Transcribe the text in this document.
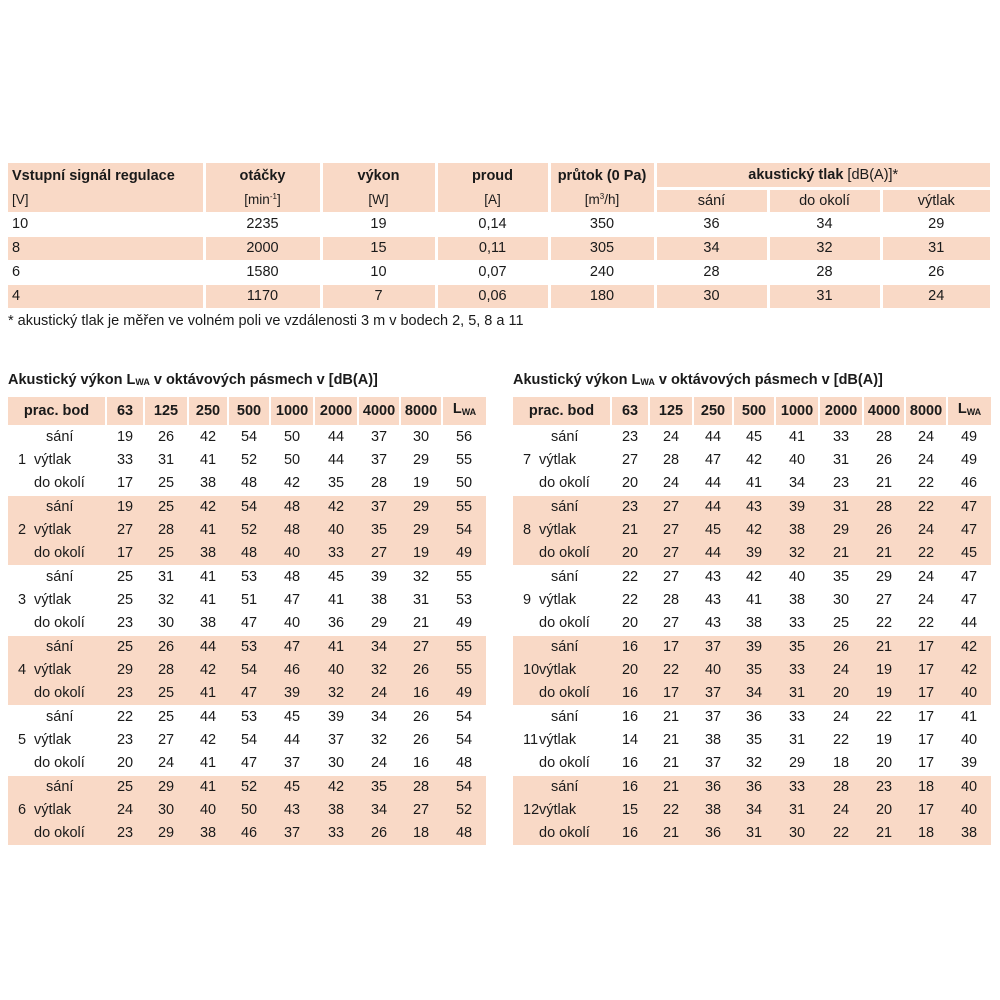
Vstupní signál regulace	otáčky	výkon	proud	průtok (0 Pa)	akustický tlak [dB(A)]*		
[V]	$[\min^{-1}]$	[W]	[A]	$[m^3/h]$	sání	do okolí	výtlak
10	2235	19	0,14	350	36	34	29
8	2000	15	0,11	305	34	32	31
6	1580	10	0,07	240	28	28	26
4	1170	7	0,06	180	30	31	24
* akustický tlak je měřen ve volném poli ve vzdálenosti 3 m v bodech 2, 5, 8 a 11
Akustický výkon $L_{WA}$ v oktávových pásmech v [dB(A)]	Akustický výkon $L_{WA}$ v oktávových pásmech v [dB(A)]
prac. bod		63	125	250	500	1000	2000	4000	8000	$L_{WA}$
	sání	19	26	42	54	50	44	37	30	56
1	výtlak	33	31	41	52	50	44	37	29	55
	do okolí	17	25	38	48	42	35	28	19	50
	sání	19	25	42	54	48	42	37	29	55
2	výtlak	27	28	41	52	48	40	35	29	54
	do okolí	17	25	38	48	40	33	27	19	49
	sání	25	31	41	53	48	45	39	32	55
3	výtlak	25	32	41	51	47	41	38	31	53
	do okolí	23	30	38	47	40	36	29	21	49
	sání	25	26	44	53	47	41	34	27	55
4	výtlak	29	28	42	54	46	40	32	26	55
	do okolí	23	25	41	47	39	32	24	16	49
	sání	22	25	44	53	45	39	34	26	54
5	výtlak	23	27	42	54	44	37	32	26	54
	do okolí	20	24	41	47	37	30	24	16	48
	sání	25	29	41	52	45	42	35	28	54
6	výtlak	24	30	40	50	43	38	34	27	52
	do okolí	23	29	38	46	37	33	26	18	48
prac. bod		63	125	250	500	1000	2000	4000	8000	$L_{WA}$
	sání	23	24	44	45	41	33	28	24	49
7	výtlak	27	28	47	42	40	31	26	24	49
	do okolí	20	24	44	41	34	23	21	22	46
	sání	23	27	44	43	39	31	28	22	47
8	výtlak	21	27	45	42	38	29	26	24	47
	do okolí	20	27	44	39	32	21	21	22	45
	sání	22	27	43	42	40	35	29	24	47
9	výtlak	22	28	43	41	38	30	27	24	47
	do okolí	20	27	43	38	33	25	22	22	44
	sání	16	17	37	39	35	26	21	17	42
10	výtlak	20	22	40	35	33	24	19	17	42
	do okolí	16	17	37	34	31	20	19	17	40
	sání	16	21	37	36	33	24	22	17	41
11	výtlak	14	21	38	35	31	22	19	17	40
	do okolí	16	21	37	32	29	18	20	17	39
	sání	16	21	36	36	33	28	23	18	40
12	výtlak	15	22	38	34	31	24	20	17	40
	do okolí	16	21	36	31	30	22	21	18	38
